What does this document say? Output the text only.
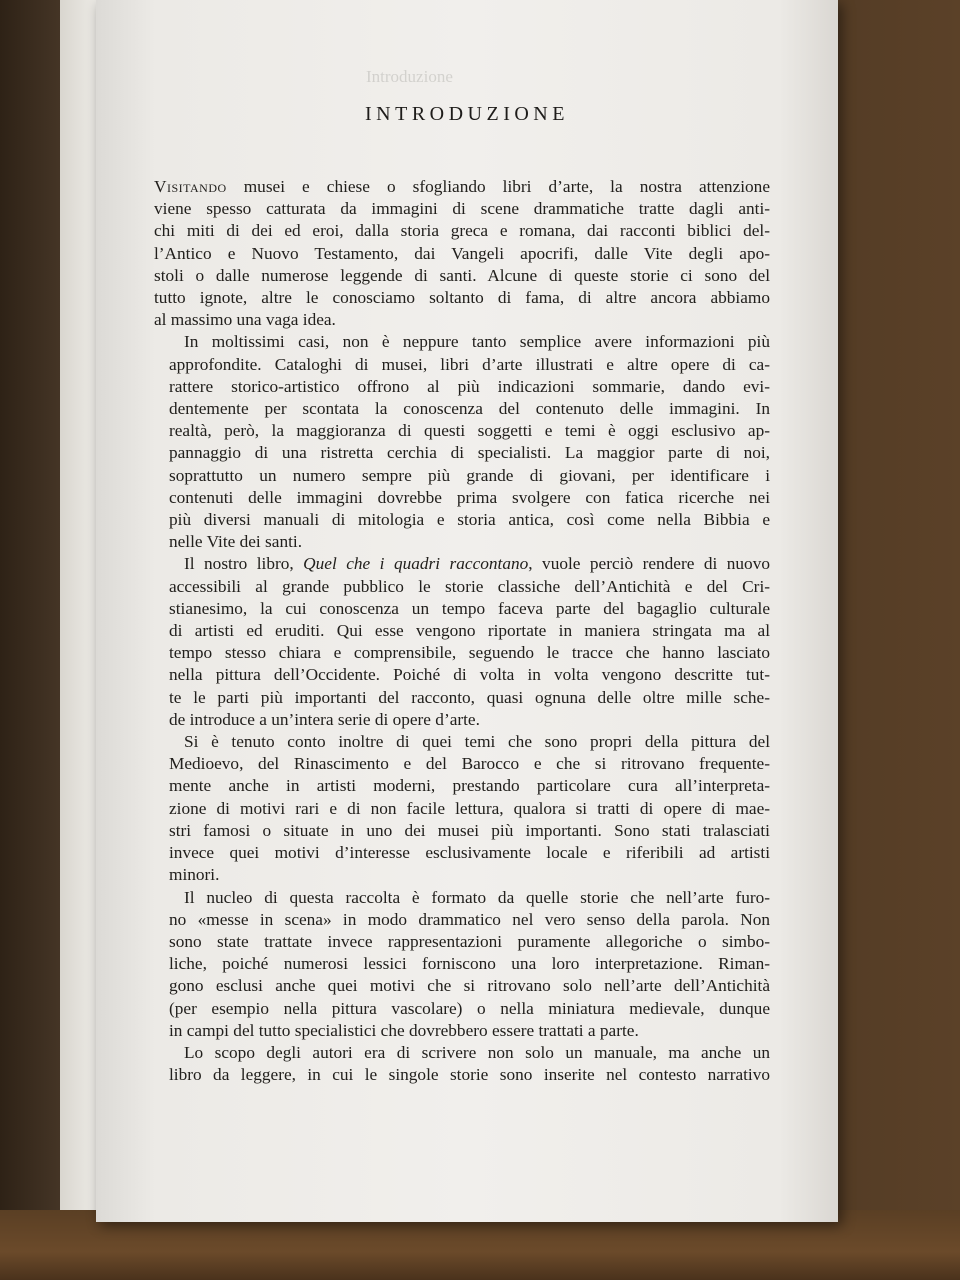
Introduzione
INTRODUZIONE
Visitando musei e chiese o sfogliando libri d’arte, la nostra attenzione
viene spesso catturata da immagini di scene drammatiche tratte dagli anti-
chi miti di dei ed eroi, dalla storia greca e romana, dai racconti biblici del-
l’Antico e Nuovo Testamento, dai Vangeli apocrifi, dalle Vite degli apo-
stoli o dalle numerose leggende di santi. Alcune di queste storie ci sono del
tutto ignote, altre le conosciamo soltanto di fama, di altre ancora abbiamo
al massimo una vaga idea.
In moltissimi casi, non è neppure tanto semplice avere informazioni più
approfondite. Cataloghi di musei, libri d’arte illustrati e altre opere di ca-
rattere storico-artistico offrono al più indicazioni sommarie, dando evi-
dentemente per scontata la conoscenza del contenuto delle immagini. In
realtà, però, la maggioranza di questi soggetti e temi è oggi esclusivo ap-
pannaggio di una ristretta cerchia di specialisti. La maggior parte di noi,
soprattutto un numero sempre più grande di giovani, per identificare i
contenuti delle immagini dovrebbe prima svolgere con fatica ricerche nei
più diversi manuali di mitologia e storia antica, così come nella Bibbia e
nelle Vite dei santi.
Il nostro libro, Quel che i quadri raccontano, vuole perciò rendere di nuovo
accessibili al grande pubblico le storie classiche dell’Antichità e del Cri-
stianesimo, la cui conoscenza un tempo faceva parte del bagaglio culturale
di artisti ed eruditi. Qui esse vengono riportate in maniera stringata ma al
tempo stesso chiara e comprensibile, seguendo le tracce che hanno lasciato
nella pittura dell’Occidente. Poiché di volta in volta vengono descritte tut-
te le parti più importanti del racconto, quasi ognuna delle oltre mille sche-
de introduce a un’intera serie di opere d’arte.
Si è tenuto conto inoltre di quei temi che sono propri della pittura del
Medioevo, del Rinascimento e del Barocco e che si ritrovano frequente-
mente anche in artisti moderni, prestando particolare cura all’interpreta-
zione di motivi rari e di non facile lettura, qualora si tratti di opere di mae-
stri famosi o situate in uno dei musei più importanti. Sono stati tralasciati
invece quei motivi d’interesse esclusivamente locale e riferibili ad artisti
minori.
Il nucleo di questa raccolta è formato da quelle storie che nell’arte furo-
no «messe in scena» in modo drammatico nel vero senso della parola. Non
sono state trattate invece rappresentazioni puramente allegoriche o simbo-
liche, poiché numerosi lessici forniscono una loro interpretazione. Riman-
gono esclusi anche quei motivi che si ritrovano solo nell’arte dell’Antichità
(per esempio nella pittura vascolare) o nella miniatura medievale, dunque
in campi del tutto specialistici che dovrebbero essere trattati a parte.
Lo scopo degli autori era di scrivere non solo un manuale, ma anche un
libro da leggere, in cui le singole storie sono inserite nel contesto narrativo
